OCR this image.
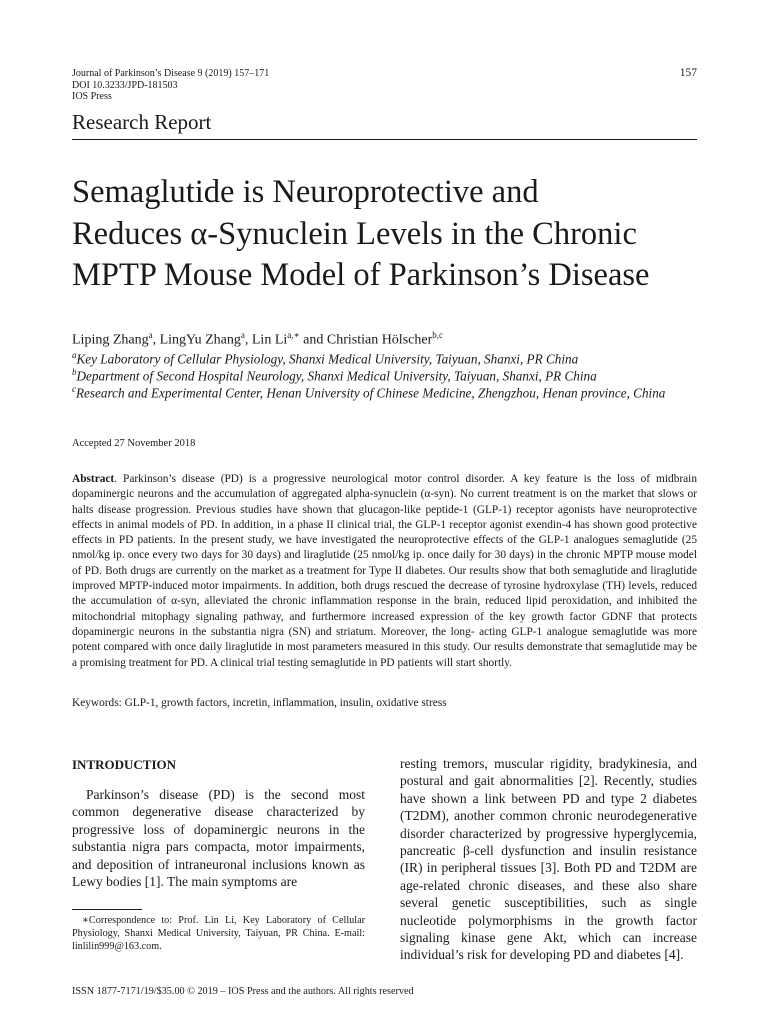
Journal of Parkinson’s Disease 9 (2019) 157–171
DOI 10.3233/JPD-181503
IOS Press
157
Research Report
Semaglutide is Neuroprotective and
Reduces α-Synuclein Levels in the Chronic
MPTP Mouse Model of Parkinson’s Disease
Liping Zhang$^a$, LingYu Zhang$^a$, Lin $Li^{a,∗}$ and Christian Hölscher$^{b,c}$
$^a$Key Laboratory of Cellular Physiology, Shanxi Medical University, Taiyuan, Shanxi, PR China
$^b$Department of Second Hospital Neurology, Shanxi Medical University, Taiyuan, Shanxi, PR China
$^c$Research and Experimental Center, Henan University of Chinese Medicine, Zhengzhou, Henan province, China
Accepted 27 November 2018
Abstract. Parkinson’s disease (PD) is a progressive neurological motor control disorder. A key feature is the loss of midbrain dopaminergic neurons and the accumulation of aggregated alpha-synuclein (α-syn). No current treatment is on the market that slows or halts disease progression. Previous studies have shown that glucagon-like peptide-1 (GLP-1) receptor agonists have neuroprotective effects in animal models of PD. In addition, in a phase II clinical trial, the GLP-1 receptor agonist exendin-4 has shown good protective effects in PD patients. In the present study, we have investigated the neuroprotective effects of the GLP-1 analogues semaglutide (25 nmol/kg ip. once every two days for 30 days) and liraglutide (25 nmol/kg ip. once daily for 30 days) in the chronic MPTP mouse model of PD. Both drugs are currently on the market as a treatment for Type II diabetes. Our results show that both semaglutide and liraglutide improved MPTP-induced motor impairments. In addition, both drugs rescued the decrease of tyrosine hydroxylase (TH) levels, reduced the accumulation of α-syn, alleviated the chronic inflammation response in the brain, reduced lipid peroxidation, and inhibited the mitochondrial mitophagy signaling pathway, and furthermore increased expression of the key growth factor GDNF that protects dopaminergic neurons in the substantia nigra (SN) and striatum. Moreover, the long- acting GLP-1 analogue semaglutide was more potent compared with once daily liraglutide in most parameters measured in this study. Our results demonstrate that semaglutide may be a promising treatment for PD. A clinical trial testing semaglutide in PD patients will start shortly.
Keywords: GLP-1, growth factors, incretin, inflammation, insulin, oxidative stress
INTRODUCTION

Parkinson’s disease (PD) is the second most common degenerative disease characterized by progressive loss of dopaminergic neurons in the substantia nigra pars compacta, motor impairments, and deposition of intraneuronal inclusions known as Lewy bodies [1]. The main symptoms are

resting tremors, muscular rigidity, bradykinesia, and postural and gait abnormalities [2]. Recently, studies have shown a link between PD and type 2 diabetes (T2DM), another common chronic neurodegenerative disorder characterized by progressive hyperglycemia, pancreatic β-cell dysfunction and insulin resistance (IR) in peripheral tissues [3]. Both PD and T2DM are age-related chronic diseases, and these also share several genetic susceptibilities, such as single nucleotide polymorphisms in the growth factor signaling kinase gene Akt, which can increase individual’s risk for developing PD and diabetes [4].

∗Correspondence to: Prof. Lin Li, Key Laboratory of Cellular Physiology, Shanxi Medical University, Taiyuan, PR China. E-mail: linlilin999@163.com.
ISSN 1877-7171/19/$35.00 © 2019 – IOS Press and the authors. All rights reserved
